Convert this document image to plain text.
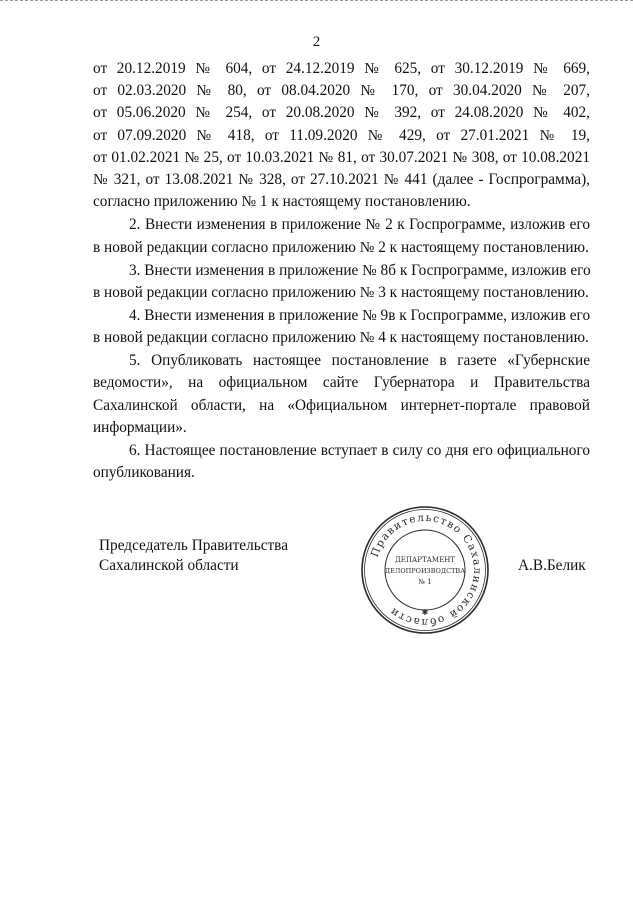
2
от 20.12.2019 № 604, от 24.12.2019 № 625, от 30.12.2019 № 669,
от 02.03.2020 № 80, от 08.04.2020 № 170, от 30.04.2020 № 207,
от 05.06.2020 № 254, от 20.08.2020 № 392, от 24.08.2020 № 402,
от 07.09.2020 № 418, от 11.09.2020 № 429, от 27.01.2021 № 19,
от 01.02.2021 № 25, от 10.03.2021 № 81, от 30.07.2021 № 308, от 10.08.2021
№ 321, от 13.08.2021 № 328, от 27.10.2021 № 441 (далее - Госпрограмма),
согласно приложению № 1 к настоящему постановлению.
2. Внести изменения в приложение № 2 к Госпрограмме, изложив его
в новой редакции согласно приложению № 2 к настоящему постановлению.
3. Внести изменения в приложение № 8б к Госпрограмме, изложив его
в новой редакции согласно приложению № 3 к настоящему постановлению.
4. Внести изменения в приложение № 9в к Госпрограмме, изложив его
в новой редакции согласно приложению № 4 к настоящему постановлению.
5. Опубликовать настоящее постановление в газете «Губернские
ведомости», на официальном сайте Губернатора и Правительства
Сахалинской области, на «Официальном интернет-портале правовой
информации».
6. Настоящее постановление вступает в силу со дня его официального
опубликования.
Председатель Правительства
Сахалинской области
Правительство Сахалинской области
ДЕПАРТАМЕНТ
ДЕЛОПРОИЗВОДСТВА
№ 1
✱
А.В.Белик
